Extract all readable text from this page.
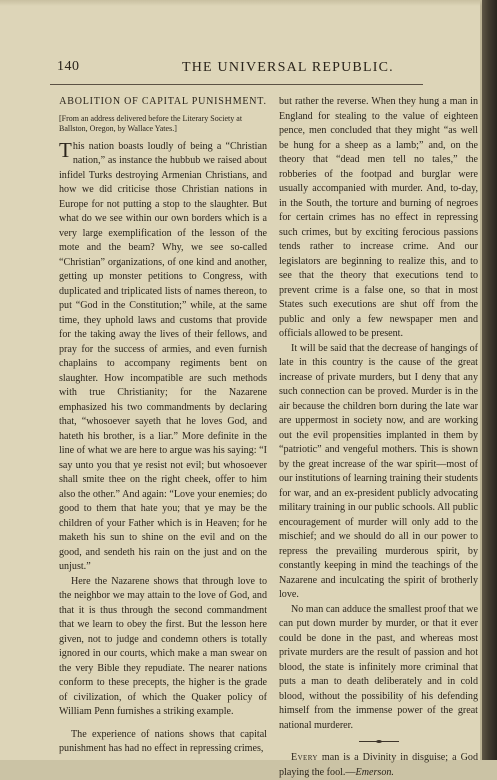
140	THE UNIVERSAL REPUBLIC.
ABOLITION OF CAPITAL PUNISHMENT.
[From an address delivered before the Literary Society at Ballston, Oregon, by Wallace Yates.]

This nation boasts loudly of being a “Christian nation,” as instance the hubbub we raised about infidel Turks destroying Armenian Christians, and how we did criticise those Christian nations in Europe for not putting a stop to the slaughter. But what do we see within our own borders which is a very large exemplification of the lesson of the mote and the beam? Why, we see so-called “Christian” organizations, of one kind and another, getting up monster petitions to Congress, with duplicated and triplicated lists of names thereon, to put “God in the Constitution;” while, at the same time, they uphold laws and customs that provide for the taking away the lives of their fellows, and pray for the success of armies, and even furnish chaplains to accompany regiments bent on slaughter. How incompatible are such methods with true Christianity; for the Nazarene emphasized his two commandments by declaring that, “whosoever sayeth that he loves God, and hateth his brother, is a liar.” More definite in the line of what we are here to argue was his saying: “I say unto you that ye resist not evil; but whosoever shall smite thee on the right cheek, offer to him also the other.” And again: “Love your enemies; do good to them that hate you; that ye may be the children of your Father which is in Heaven; for he maketh his sun to shine on the evil and on the good, and sendeth his rain on the just and on the unjust.”

Here the Nazarene shows that through love to the neighbor we may attain to the love of God, and that it is thus through the second commandment that we learn to obey the first. But the lesson here given, not to judge and condemn others is totally ignored in our courts, which make a man swear on the very Bible they repudiate. The nearer nations conform to these precepts, the higher is the grade of civilization, of which the Quaker policy of William Penn furnishes a striking example.

The experience of nations shows that capital punishment has had no effect in repressing crimes,

but rather the reverse. When they hung a man in England for stealing to the value of eighteen pence, men concluded that they might “as well be hung for a sheep as a lamb;” and, on the theory that “dead men tell no tales,” the robberies of the footpad and burglar were usually accompanied with murder. And, to-day, in the South, the torture and burning of negroes for certain crimes has no effect in repressing such crimes, but by exciting ferocious passions tends rather to increase crime. And our legislators are beginning to realize this, and to see that the theory that executions tend to prevent crime is a false one, so that in most States such executions are shut off from the public and only a few newspaper men and officials allowed to be present.

It will be said that the decrease of hangings of late in this country is the cause of the great increase of private murders, but I deny that any such connection can be proved. Murder is in the air because the children born during the late war are uppermost in society now, and are working out the evil propensities implanted in them by “patriotic” and vengeful mothers. This is shown by the great increase of the war spirit—most of our institutions of learning training their students for war, and an ex-president publicly advocating military training in our public schools. All public encouragement of murder will only add to the mischief; and we should do all in our power to repress the prevailing murderous spirit, by constantly keeping in mind the teachings of the Nazarene and inculcating the spirit of brotherly love.

No man can adduce the smallest proof that we can put down murder by murder, or that it ever could be done in the past, and whereas most private murders are the result of passion and hot blood, the state is infinitely more criminal that puts a man to death deliberately and in cold blood, without the possibility of his defending himself from the immense power of the great national murderer.

Every man is a Divinity in disguise; a God playing the fool.—Emerson.
